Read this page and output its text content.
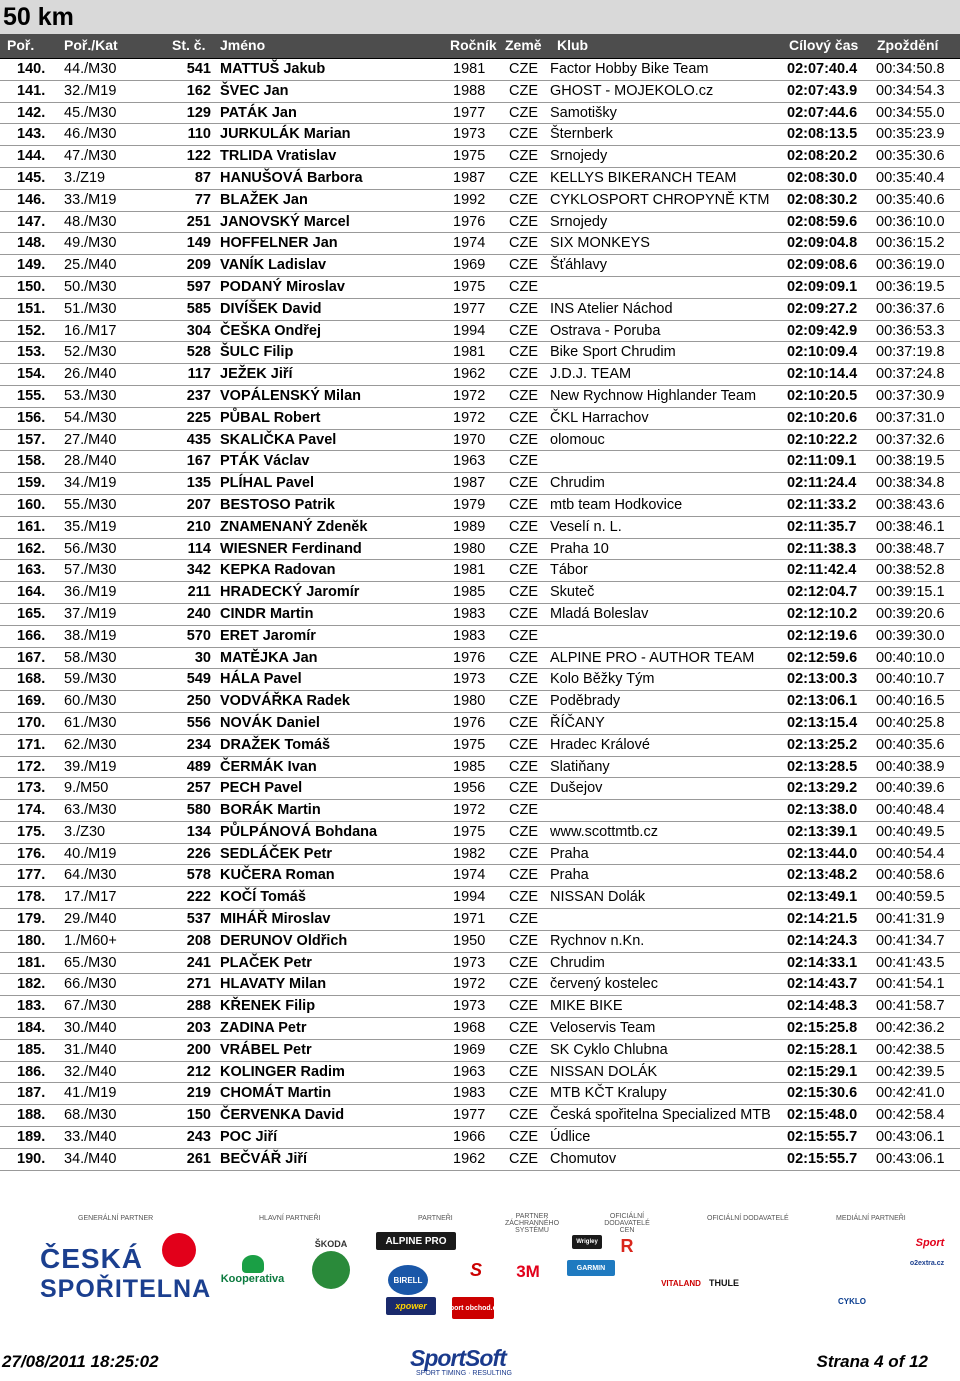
50 km
Poř. Poř./Kat	St. č. Jméno	Ročník Země Klub	Cílový čas Zpoždění
140. 44./M30	541 MATTUŠ Jakub	1981 CZE Factor Hobby Bike Team	02:07:40.4 00:34:50.8
141. 32./M19	162 ŠVEC Jan	1988 CZE GHOST - MOJEKOLO.cz	02:07:43.9 00:34:54.3
142. 45./M30	129 PATÁK Jan	1977 CZE Samotišky	02:07:44.6 00:34:55.0
143. 46./M30	110 JURKULÁK Marian	1973 CZE Šternberk	02:08:13.5 00:35:23.9
144. 47./M30	122 TRLIDA Vratislav	1975 CZE Srnojedy	02:08:20.2 00:35:30.6
145. 3./Z19	87 HANUŠOVÁ Barbora	1987 CZE KELLYS BIKERANCH TEAM	02:08:30.0 00:35:40.4
146. 33./M19	77 BLAŽEK Jan	1992 CZE CYKLOSPORT CHROPYNĚ KTM 02:08:30.2 00:35:40.6
147. 48./M30	251 JANOVSKÝ Marcel	1976 CZE Srnojedy	02:08:59.6 00:36:10.0
148. 49./M30	149 HOFFELNER Jan	1974 CZE SIX MONKEYS	02:09:04.8 00:36:15.2
149. 25./M40	209 VANÍK Ladislav	1969 CZE Šťáhlavy	02:09:08.6 00:36:19.0
150. 50./M30	597 PODANÝ Miroslav	1975 CZE	02:09:09.1 00:36:19.5
151. 51./M30	585 DIVÍŠEK David	1977 CZE INS Atelier Náchod	02:09:27.2 00:36:37.6
152. 16./M17	304 ČEŠKA Ondřej	1994 CZE Ostrava - Poruba	02:09:42.9 00:36:53.3
153. 52./M30	528 ŠULC Filip	1981 CZE Bike Sport Chrudim	02:10:09.4 00:37:19.8
154. 26./M40	117 JEŽEK Jiří	1962 CZE J.D.J. TEAM	02:10:14.4 00:37:24.8
155. 53./M30	237 VOPÁLENSKÝ Milan	1972 CZE New Rychnow Highlander Team 02:10:20.5 00:37:30.9
156. 54./M30	225 PŮBAL Robert	1972 CZE ČKL Harrachov	02:10:20.6 00:37:31.0
157. 27./M40	435 SKALIČKA Pavel	1970 CZE olomouc	02:10:22.2 00:37:32.6
158. 28./M40	167 PTÁK Václav	1963 CZE	02:11:09.1 00:38:19.5
159. 34./M19	135 PLÍHAL Pavel	1987 CZE Chrudim	02:11:24.4 00:38:34.8
160. 55./M30	207 BESTOSO Patrik	1979 CZE mtb team Hodkovice	02:11:33.2 00:38:43.6
161. 35./M19	210 ZNAMENANÝ Zdeněk	1989 CZE Veselí n. L.	02:11:35.7 00:38:46.1
162. 56./M30	114 WIESNER Ferdinand	1980 CZE Praha 10	02:11:38.3 00:38:48.7
163. 57./M30	342 KEPKA Radovan	1981 CZE Tábor	02:11:42.4 00:38:52.8
164. 36./M19	211 HRADECKÝ Jaromír	1985 CZE Skuteč	02:12:04.7 00:39:15.1
165. 37./M19	240 CINDR Martin	1983 CZE Mladá Boleslav	02:12:10.2 00:39:20.6
166. 38./M19	570 ERET Jaromír	1983 CZE	02:12:19.6 00:39:30.0
167. 58./M30	30 MATĚJKA Jan	1976 CZE ALPINE PRO - AUTHOR TEAM 02:12:59.6 00:40:10.0
168. 59./M30	549 HÁLA Pavel	1973 CZE Kolo Běžky Tým	02:13:00.3 00:40:10.7
169. 60./M30	250 VODVÁŘKA Radek	1980 CZE Poděbrady	02:13:06.1 00:40:16.5
170. 61./M30	556 NOVÁK Daniel	1976 CZE ŘÍČANY	02:13:15.4 00:40:25.8
171. 62./M30	234 DRAŽEK Tomáš	1975 CZE Hradec Králové	02:13:25.2 00:40:35.6
172. 39./M19	489 ČERMÁK Ivan	1985 CZE Slatiňany	02:13:28.5 00:40:38.9
173. 9./M50	257 PECH Pavel	1956 CZE Dušejov	02:13:29.2 00:40:39.6
174. 63./M30	580 BORÁK Martin	1972 CZE	02:13:38.0 00:40:48.4
175. 3./Z30	134 PŮLPÁNOVÁ Bohdana	1975 CZE www.scottmtb.cz	02:13:39.1 00:40:49.5
176. 40./M19	226 SEDLÁČEK Petr	1982 CZE Praha	02:13:44.0 00:40:54.4
177. 64./M30	578 KUČERA Roman	1974 CZE Praha	02:13:48.2 00:40:58.6
178. 17./M17	222 KOČÍ Tomáš	1994 CZE NISSAN Dolák	02:13:49.1 00:40:59.5
179. 29./M40	537 MIHÁŘ Miroslav	1971 CZE	02:14:21.5 00:41:31.9
180. 1./M60+	208 DERUNOV Oldřich	1950 CZE Rychnov n.Kn.	02:14:24.3 00:41:34.7
181. 65./M30	241 PLAČEK Petr	1973 CZE Chrudim	02:14:33.1 00:41:43.5
182. 66./M30	271 HLAVATY Milan	1972 CZE červený kostelec	02:14:43.7 00:41:54.1
183. 67./M30	288 KŘENEK Filip	1973 CZE MIKE BIKE	02:14:48.3 00:41:58.7
184. 30./M40	203 ZADINA Petr	1968 CZE Veloservis Team	02:15:25.8 00:42:36.2
185. 31./M40	200 VRÁBEL Petr	1969 CZE SK Cyklo Chlubna	02:15:28.1 00:42:38.5
186. 32./M40	212 KOLINGER Radim	1963 CZE NISSAN DOLÁK	02:15:29.1 00:42:39.5
187. 41./M19	219 CHOMÁT Martin	1983 CZE MTB KČT Kralupy	02:15:30.6 00:42:41.0
188. 68./M30	150 ČERVENKA David	1977 CZE Česká spořitelna Specialized MTB 02:15:48.0 00:42:58.4
189. 33./M40	243 POC Jiří	1966 CZE Údlice	02:15:55.7 00:43:06.1
190. 34./M40	261 BEČVÁŘ Jiří	1962 CZE Chomutov	02:15:55.7 00:43:06.1
GENERÁLNÍ PARTNER	HLAVNÍ PARTNEŘI	PARTNEŘI	PARTNER ZÁCHRANNÉHO SYSTÉMU
OFICIÁLNÍ DODAVATELÉ CEN
OFICIÁLNÍ DODAVATELÉ	MEDIÁLNÍ PARTNEŘI
ČESKÁ
SPOŘITELNA Kooperativa
ŠKODA	ALPINE PRO
BIRELL
xpower
S
sport obchod.cz
3M
Wrigley
GARMIN
R
VITALAND THULE
CYKLO
Sport
o2extra.cz
27/08/2011 18:25:02	SportSoft
SPORT TIMING · RESULTING
Strana 4 of 12
